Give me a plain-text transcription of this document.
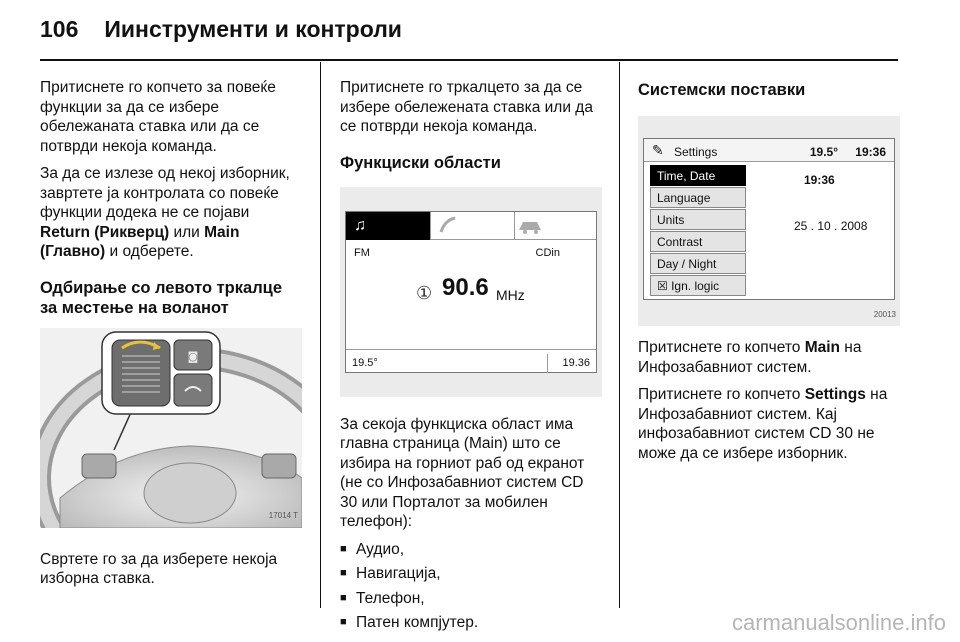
106 Иинструменти и контроли

Притиснете го копчето за повеќе функции за да се избере обележаната ставка или да се потврди некоја команда.

За да се излезе од некој изборник, завртете ја контролата со повеќе функции додека не се појави Return (Рикверц) или Main (Главно) и одберете.

Одбирање со левото тркалце за местење на воланот
◙
17014 T

Свртете го за да изберете некоја изборна ставка.

Притиснете го тркалцето за да се избере обележената ставка или да се потврди некоја команда.

Функциски области
♫
FM	CDin
① 90.6 MHz
19.5°	19.36

За секоја функциска област има главна страница (Main) што се избира на горниот раб од екранот (не со Инфозабавниот систем CD 30 или Порталот за мобилен телефон):

■ Аудио,
■ Навигација,
■ Телефон,
■ Патен компјутер.
Системски поставки
✎ Settings	19.5° 19:36
Time, Date
Language
Units
Contrast
Day / Night
☒ Ign. logic
19:36
25 . 10 . 2008
20013

Притиснете го копчето Main на Инфозабавниот систем.

Притиснете го копчето Settings на Инфозабавниот систем. Кај инфозабавниот систем CD 30 не може да се избере изборник.

carmanualsonline.info
